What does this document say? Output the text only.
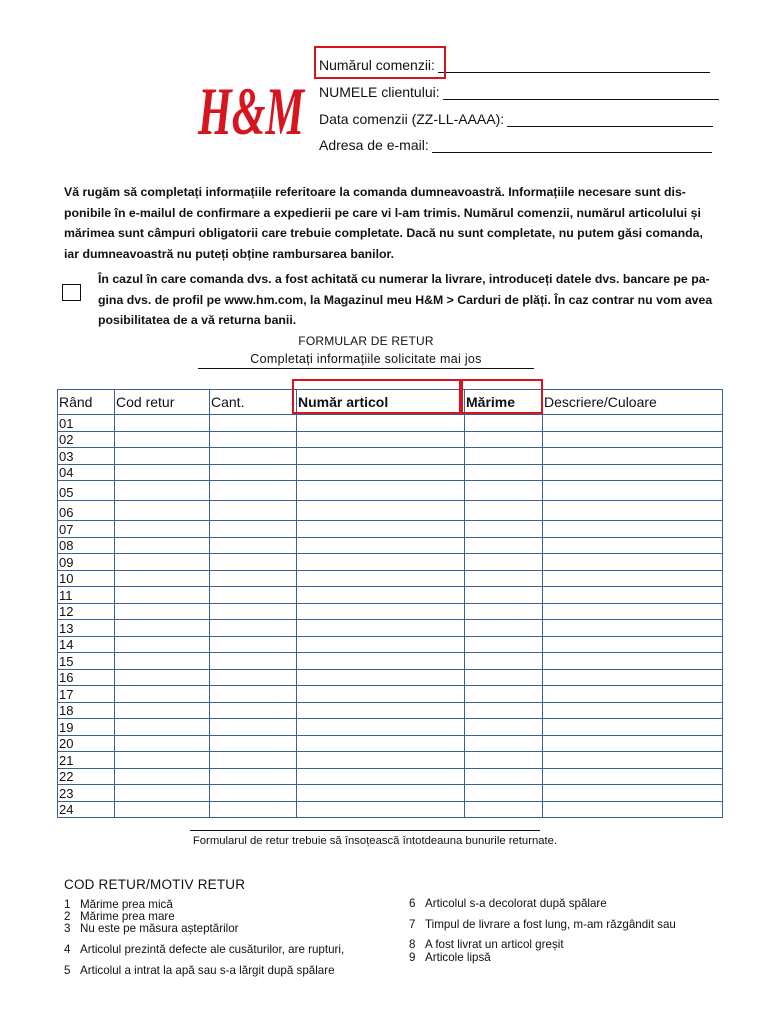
H&M
Numărul comenzii:
NUMELE clientului:
Data comenzii (ZZ-LL-AAAA):
Adresa de e-mail:
Vă rugăm să completați informațiile referitoare la comanda dumneavoastră. Informațiile necesare sunt dis-ponibile în e-mailul de confirmare a expedierii pe care vi l-am trimis. Numărul comenzii, numărul articolului și mărimea sunt câmpuri obligatorii care trebuie completate. Dacă nu sunt completate, nu putem găsi comanda, iar dumneavoastră nu puteți obține rambursarea banilor.
În cazul în care comanda dvs. a fost achitată cu numerar la livrare, introduceți datele dvs. bancare pe pa-gina dvs. de profil pe www.hm.com, la Magazinul meu H&M > Carduri de plăți. În caz contrar nu vom avea posibilitatea de a vă returna banii.
FORMULAR DE RETUR
Completați informațiile solicitate mai jos
Rând	Cod retur	Cant.	Număr articol	Mărime	Descriere/Culoare
01					
02					
03					
04					
05					
06					
07					
08					
09					
10					
11					
12					
13					
14					
15					
16					
17					
18					
19					
20					
21					
22					
23					
24					
Formularul de retur trebuie să însoțească întotdeauna bunurile returnate.
COD RETUR/MOTIV RETUR
1 Mărime prea mică
2 Mărime prea mare
3 Nu este pe măsura așteptărilor
4 Articolul prezintă defecte ale cusăturilor, are rupturi,
5 Articolul a intrat la apă sau s-a lărgit după spălare
6 Articolul s-a decolorat după spălare
7 Timpul de livrare a fost lung, m-am răzgândit sau
8 A fost livrat un articol greșit
9 Articole lipsă
